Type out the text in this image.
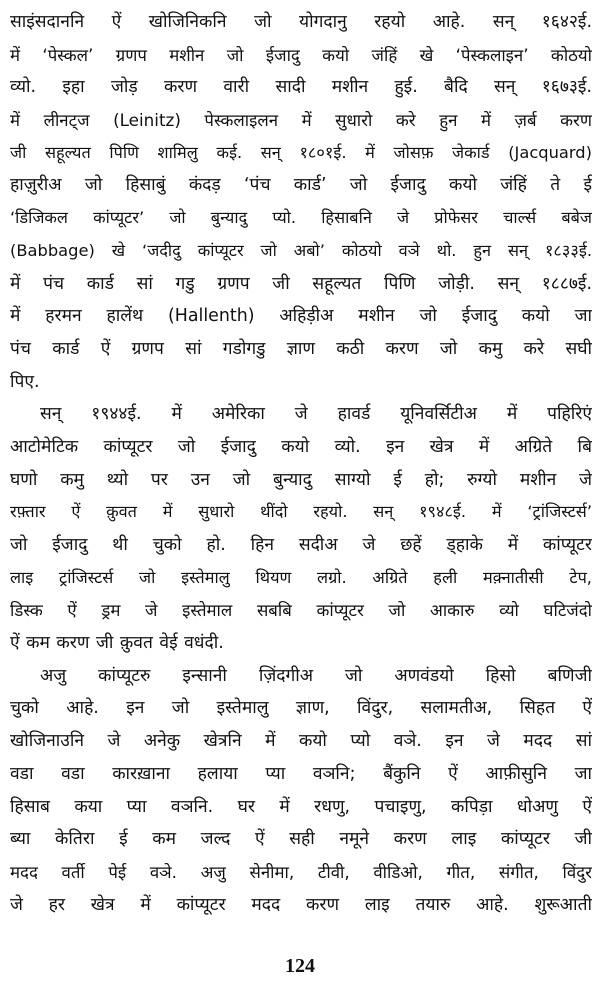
साइंसदाननि ऐं खोजिनिकनि जो योगदानु रहयो आहे. सन् १६४२ई.
में ‘पेस्कल’ ग्रणप मशीन जो ईजादु कयो जंहिं खे ‘पेस्कलाइन’ कोठयो
व्यो. इहा जोड़ करण वारी सादी मशीन हुई. बैदि सन् १६७३ई.
में लीनट्ज (Leinitz) पेस्कलाइलन में सुधारो करे हुन में ज़र्ब करण
जी सहूल्यत पिणि शामिलु कई. सन् १८०१ई. में जोसफ़ जेकार्ड (Jacquard)
हाज़ुरीअ जो हिसाबुं कंदड़ ‘पंच कार्ड’ जो ईजादु कयो जंहिं ते ई
‘डिजिकल कांप्यूटर’ जो बुन्यादु प्यो. हिसाबनि जे प्रोफेसर चार्ल्स बबेज
(Babbage) खे ‘जदीदु कांप्यूटर जो अबो’ कोठयो वञे थो. हुन सन् १८३३ई.
में पंच कार्ड सां गडु ग्रणप जी सहूल्यत पिणि जोड़ी. सन् १८८७ई.
में हरमन हालेंथ (Hallenth) अहिड़ीअ मशीन जो ईजादु कयो जा
पंच कार्ड ऐं ग्रणप सां गडोगडु ज्ञाण कठी करण जो कमु करे सघी
पिए.
सन् १९४४ई. में अमेरिका जे हावर्ड यूनिवर्सिटीअ में पहिरिएं
आटोमेटिक कांप्यूटर जो ईजादु कयो व्यो. इन खेत्र में अग्रिते बि
घणो कमु थ्यो पर उन जो बुन्यादु साग्यो ई हो; रुग्यो मशीन जे
रफ़्तार ऐं क़ुवत में सुधारो थींदो रहयो. सन् १९४८ई. में ‘ट्रांजिस्टर्स’
जो ईजादु थी चुको हो. हिन सदीअ जे छहें ड्हाके में कांप्यूटर
लाइ ट्रांजिस्टर्स जो इस्तेमालु थियण लग्रो. अग्रिते हली मक़्नातीसी टेप,
डिस्क ऐं ड्रम जे इस्तेमाल सबबि कांप्यूटर जो आकारु व्यो घटिजंदो
ऐं कम करण जी क़ुवत वेई वधंदी.
अजु कांप्यूटरु इन्सानी ज़िंदगीअ जो अणवंडयो हिसो बणिजी
चुको आहे. इन जो इस्तेमालु ज्ञाण, विंदुर, सलामतीअ, सिहत ऐं
खोजिनाउनि जे अनेकु खेत्रनि में कयो प्यो वञे. इन जे मदद सां
वडा वडा कारख़ाना हलाया प्या वञनि; बैंकुनि ऐं आफ़ीसुनि जा
हिसाब कया प्या वञनि. घर में रधणु, पचाइणु, कपिड़ा धोअणु ऐं
ब्या केतिरा ई कम जल्द ऐं सही नमूने करण लाइ कांप्यूटर जी
मदद वर्ती पेई वञे. अजु सेनीमा, टीवी, वीडिओ, गीत, संगीत, विंदुर
जे हर खेत्र में कांप्यूटर मदद करण लाइ तयारु आहे. शुरूआती
124
